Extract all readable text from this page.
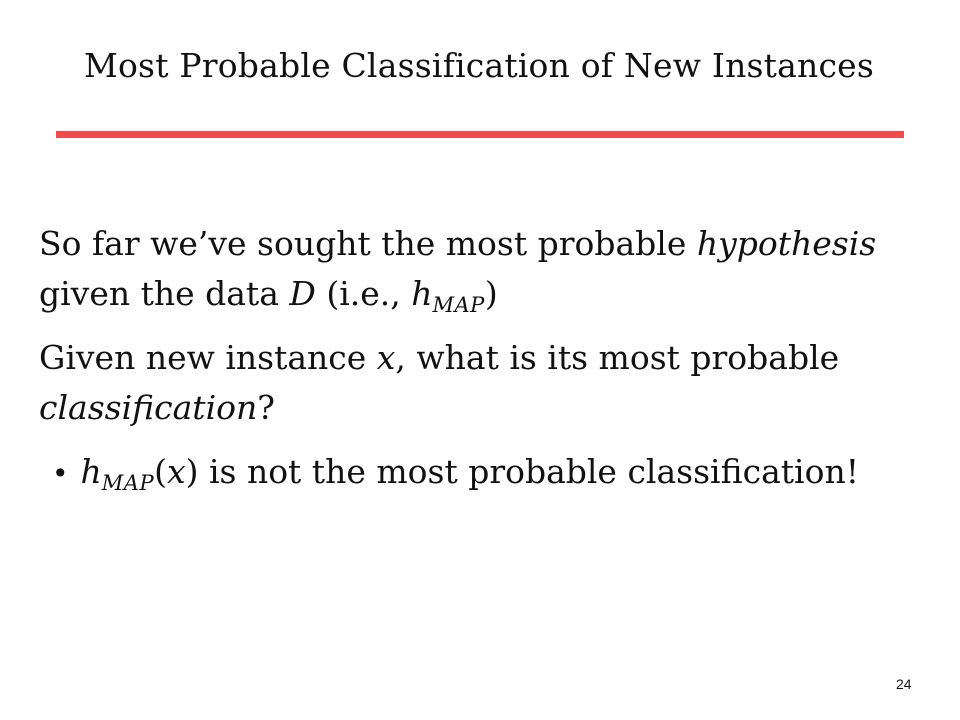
Most Probable Classification of New Instances
So far we’ve sought the most probable hypothesis
given the data D (i.e., $h_{MAP}$)
Given new instance x, what is its most probable
classification?
• $h_{MAP}(x)$ is not the most probable classification!
24
